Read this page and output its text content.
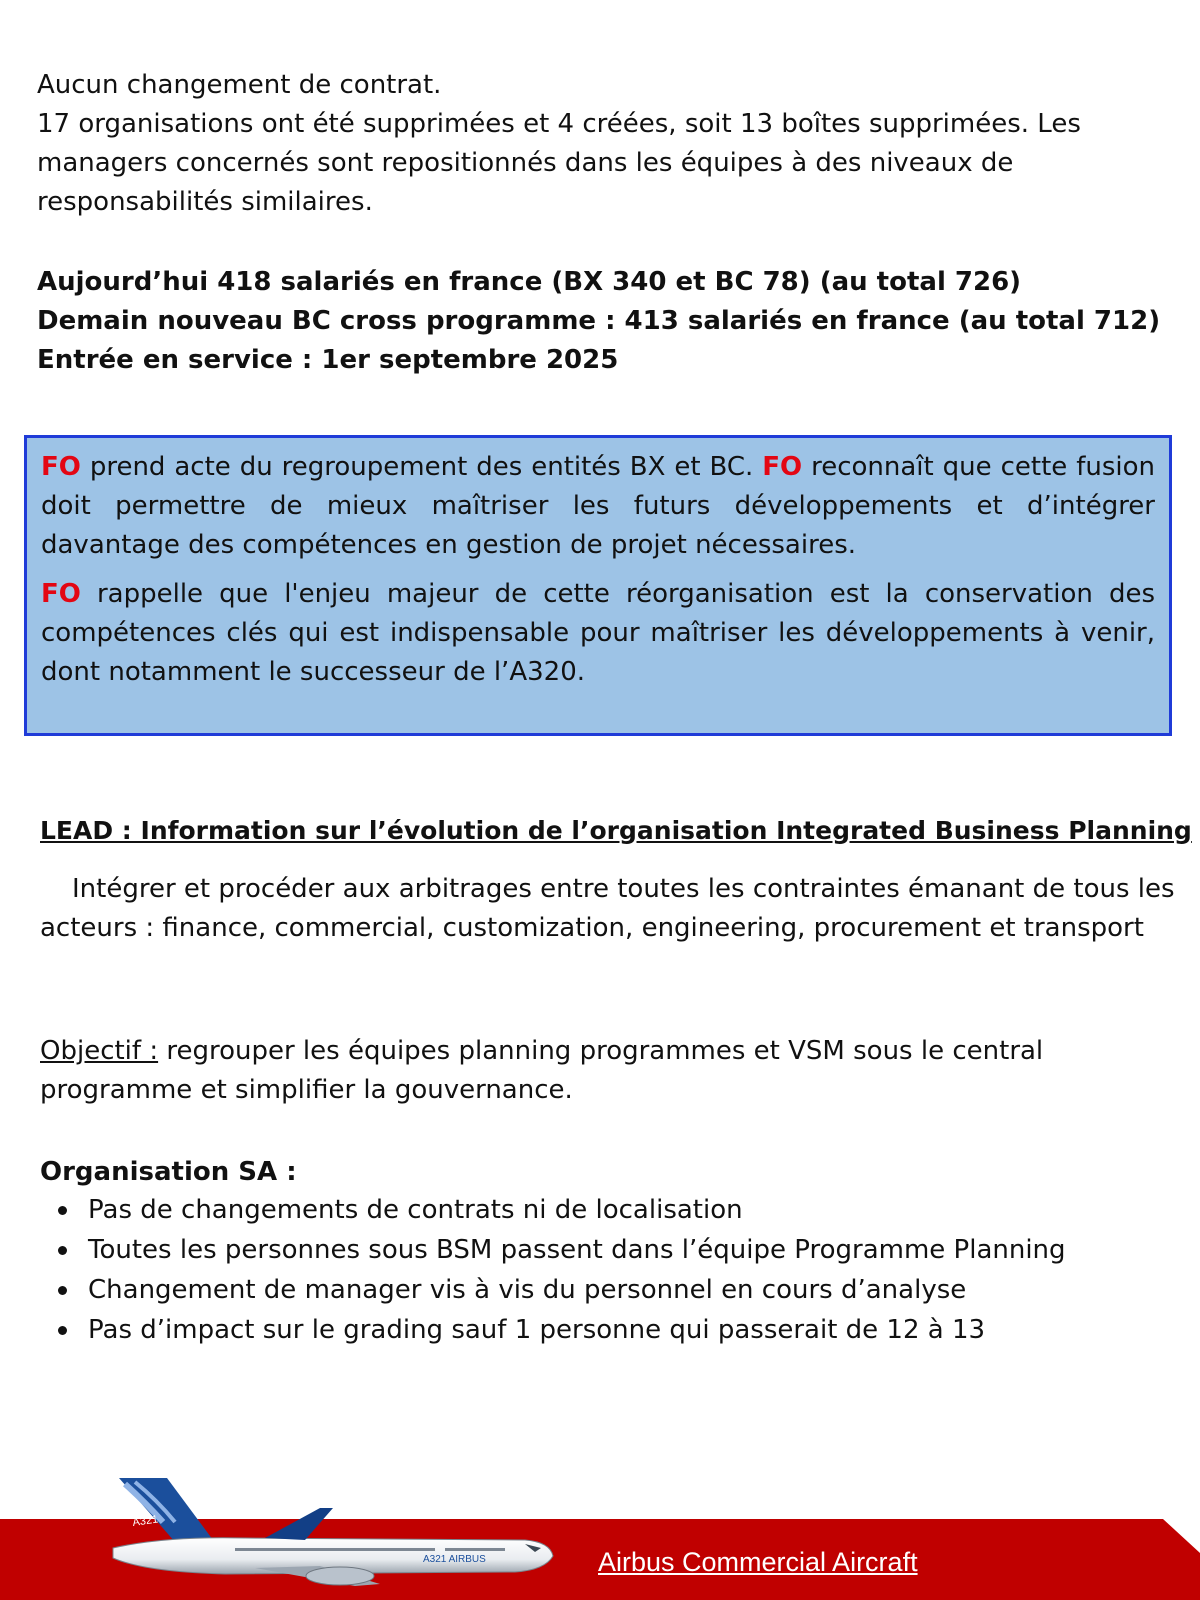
Aucun changement de contrat.

17 organisations ont été supprimées et 4 créées, soit 13 boîtes supprimées. Les managers concernés sont repositionnés dans les équipes à des niveaux de responsabilités similaires.

Aujourd’hui 418 salariés en france (BX 340 et BC 78) (au total 726)

Demain nouveau BC cross programme : 413 salariés en france (au total 712)

Entrée en service : 1er septembre 2025

FO prend acte du regroupement des entités BX et BC. FO reconnaît que cette fusion doit permettre de mieux maîtriser les futurs développements et d’intégrer davantage des compétences en gestion de projet nécessaires.

FO rappelle que l'enjeu majeur de cette réorganisation est la conservation des compétences clés qui est indispensable pour maîtriser les développements à venir, dont notamment le successeur de l’A320.

LEAD : Information sur l’évolution de l’organisation Integrated Business Planning

Intégrer et procéder aux arbitrages entre toutes les contraintes émanant de tous les acteurs : finance, commercial, customization, engineering, procurement et transport

Objectif : regrouper les équipes planning programmes et VSM sous le central programme et simplifier la gouvernance.

Organisation SA :

Pas de changements de contrats ni de localisation
Toutes les personnes sous BSM passent dans l’équipe Programme Planning
Changement de manager vis à vis du personnel en cours d’analyse
Pas d’impact sur le grading sauf 1 personne qui passerait de 12 à 13
A321
A321 AIRBUS	Airbus Commercial Aircraft
